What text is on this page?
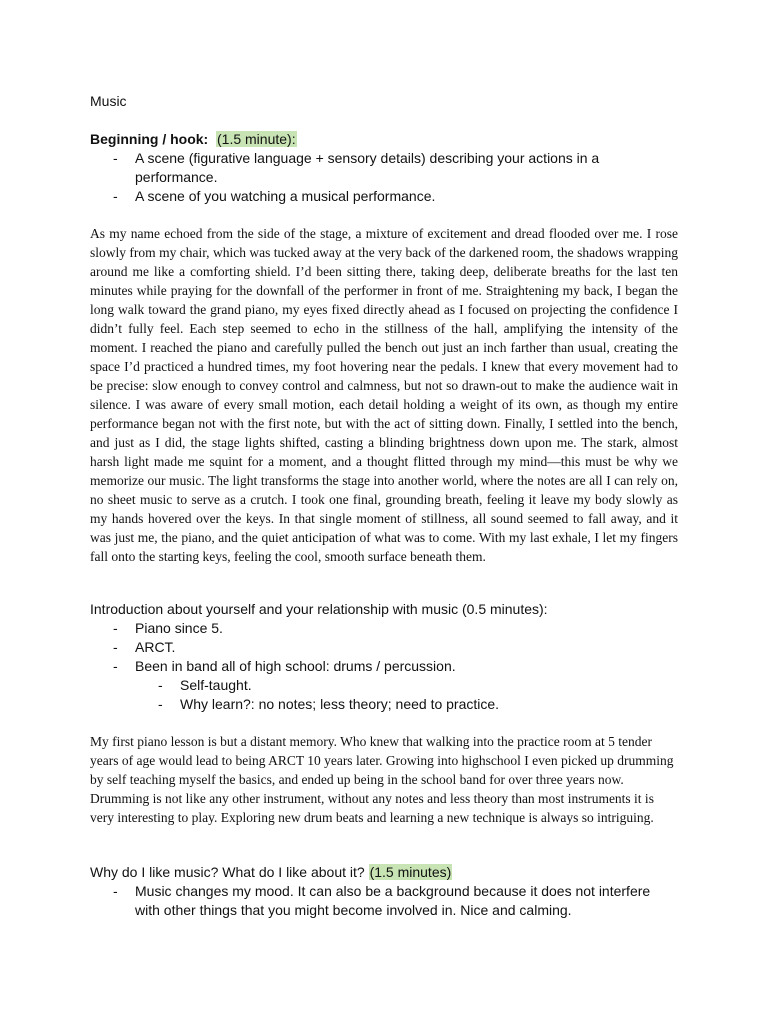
Music
Beginning / hook: (1.5 minute):
- A scene (figurative language + sensory details) describing your actions in a performance.
- A scene of you watching a musical performance.

As my name echoed from the side of the stage, a mixture of excitement and dread flooded over me. I rose slowly from my chair, which was tucked away at the very back of the darkened room, the shadows wrapping around me like a comforting shield. I’d been sitting there, taking deep, deliberate breaths for the last ten minutes while praying for the downfall of the performer in front of me. Straightening my back, I began the long walk toward the grand piano, my eyes fixed directly ahead as I focused on projecting the confidence I didn’t fully feel. Each step seemed to echo in the stillness of the hall, amplifying the intensity of the moment. I reached the piano and carefully pulled the bench out just an inch farther than usual, creating the space I’d practiced a hundred times, my foot hovering near the pedals. I knew that every movement had to be precise: slow enough to convey control and calmness, but not so drawn-out to make the audience wait in silence. I was aware of every small motion, each detail holding a weight of its own, as though my entire performance began not with the first note, but with the act of sitting down. Finally, I settled into the bench, and just as I did, the stage lights shifted, casting a blinding brightness down upon me. The stark, almost harsh light made me squint for a moment, and a thought flitted through my mind—this must be why we memorize our music. The light transforms the stage into another world, where the notes are all I can rely on, no sheet music to serve as a crutch. I took one final, grounding breath, feeling it leave my body slowly as my hands hovered over the keys. In that single moment of stillness, all sound seemed to fall away, and it was just me, the piano, and the quiet anticipation of what was to come. With my last exhale, I let my fingers fall onto the starting keys, feeling the cool, smooth surface beneath them.

Introduction about yourself and your relationship with music (0.5 minutes):
- Piano since 5.
- ARCT.
- Been in band all of high school: drums / percussion.
- Self-taught.
- Why learn?: no notes; less theory; need to practice.

My first piano lesson is but a distant memory. Who knew that walking into the practice room at 5 tender years of age would lead to being ARCT 10 years later. Growing into highschool I even picked up drumming by self teaching myself the basics, and ended up being in the school band for over three years now. Drumming is not like any other instrument, without any notes and less theory than most instruments it is very interesting to play. Exploring new drum beats and learning a new technique is always so intriguing.

Why do I like music? What do I like about it? (1.5 minutes)
- Music changes my mood. It can also be a background because it does not interfere with other things that you might become involved in. Nice and calming.
